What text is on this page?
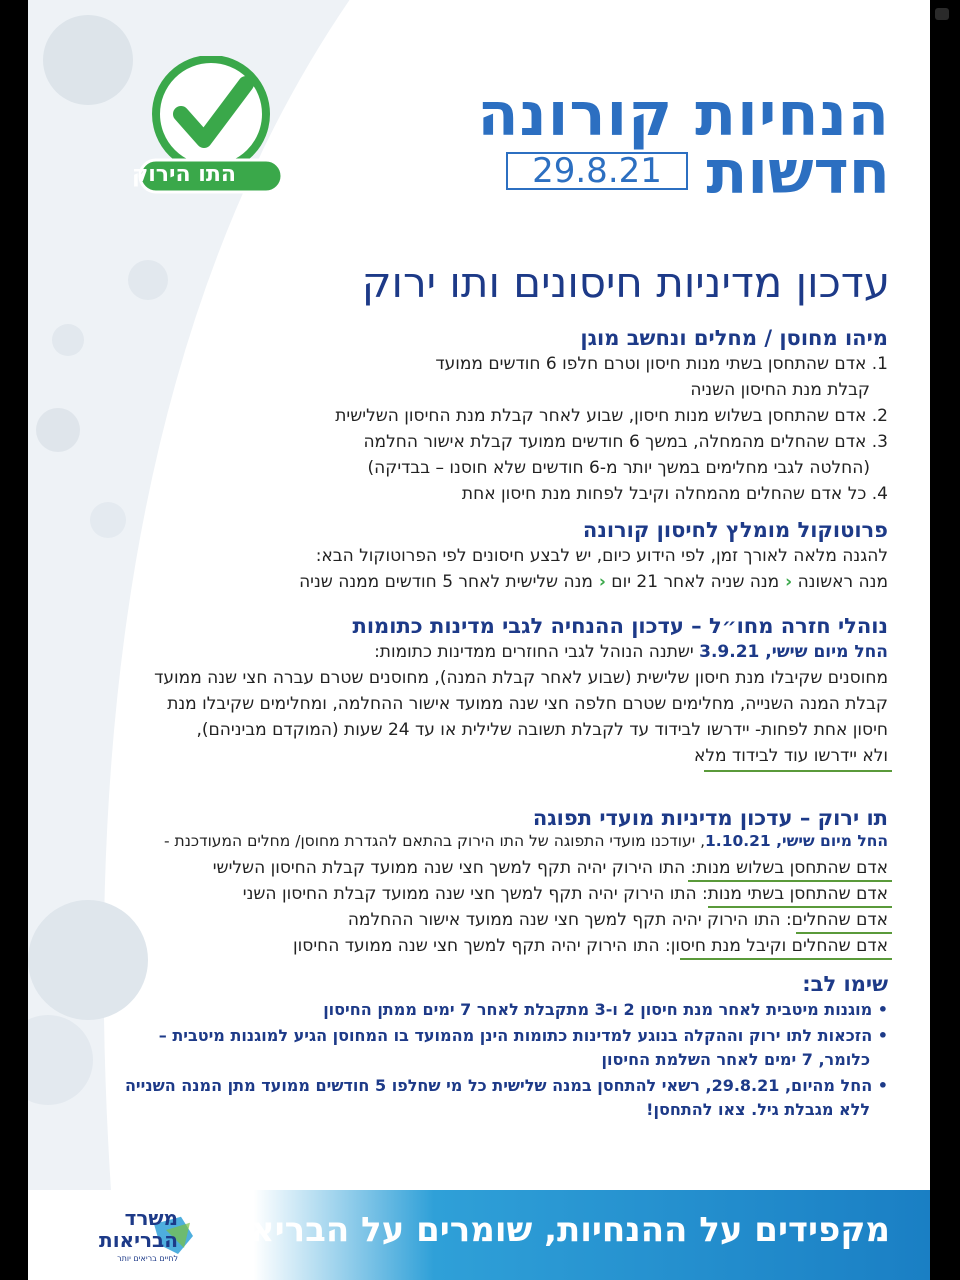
התו הירוק
הנחיות קורונה
חדשות
29.8.21
עדכון מדיניות חיסונים ותו ירוק
מיהו מחוסן / מחלים ונחשב מוגן
1. אדם שהתחסן בשתי מנות חיסון וטרם חלפו 6 חודשים ממועד
קבלת מנת החיסון השניה
2. אדם שהתחסן בשלוש מנות חיסון, שבוע לאחר קבלת מנת החיסון השלישית
3. אדם שהחלים מהמחלה, במשך 6 חודשים ממועד קבלת אישור החלמה
(החלטה לגבי מחלימים במשך יותר מ-6 חודשים שלא חוסנו – בבדיקה)
4. כל אדם שהחלים מהמחלה וקיבל לפחות מנת חיסון אחת
פרוטוקול מומלץ לחיסון קורונה
להגנה מלאה לאורך זמן, לפי הידוע כיום, יש לבצע חיסונים לפי הפרוטוקול הבא:
מנה ראשונה ‹ מנה שניה לאחר 21 יום ‹ מנה שלישית לאחר 5 חודשים ממנה שניה
נוהלי חזרה מחו״ל – עדכון ההנחיה לגבי מדינות כתומות
החל מיום שישי, 3.9.21 ישתנה הנוהל לגבי החוזרים ממדינות כתומות:
מחוסנים שקיבלו מנת חיסון שלישית (שבוע לאחר קבלת המנה), מחוסנים שטרם עברה חצי שנה ממועד
קבלת המנה השנייה, מחלימים שטרם חלפה חצי שנה ממועד אישור ההחלמה, ומחלימים שקיבלו מנת
חיסון אחת לפחות- יידרשו לבידוד עד לקבלת תשובה שלילית או עד 24 שעות (המוקדם מביניהם),
ולא יידרשו עוד לבידוד מלא
תו ירוק – עדכון מדיניות מועדי תפוגה
החל מיום שישי, 1.10.21, יעודכנו מועדי התפוגה של התו הירוק בהתאם להגדרת מחוסן/ מחלים המעודכנת -
אדם שהתחסן בשלוש מנות: התו הירוק יהיה תקף למשך חצי שנה ממועד קבלת החיסון השלישי
אדם שהתחסן בשתי מנות: התו הירוק יהיה תקף למשך חצי שנה ממועד קבלת החיסון השני
אדם שהחלים: התו הירוק יהיה תקף למשך חצי שנה ממועד אישור ההחלמה
אדם שהחלים וקיבל מנת חיסון: התו הירוק יהיה תקף למשך חצי שנה ממועד החיסון
שימו לב:
• מוגנות מיטבית לאחר מנת חיסון 2 ו-3 מתקבלת לאחר 7 ימים ממתן החיסון
• הזכאות לתו ירוק וההקלה בנוגע למדינות כתומות הינן מהמועד בו המחוסן הגיע למוגנות מיטבית –
כלומר, 7 ימים לאחר השלמת החיסון
• החל מהיום, 29.8.21, רשאי להתחסן במנה שלישית כל מי שחלפו 5 חודשים ממועד מתן המנה השנייה
ללא מגבלת גיל. צאו להתחסן!
מקפידים על ההנחיות, שומרים על הבריאות
משרד
הבריאות
לחיים בריאים יותר
